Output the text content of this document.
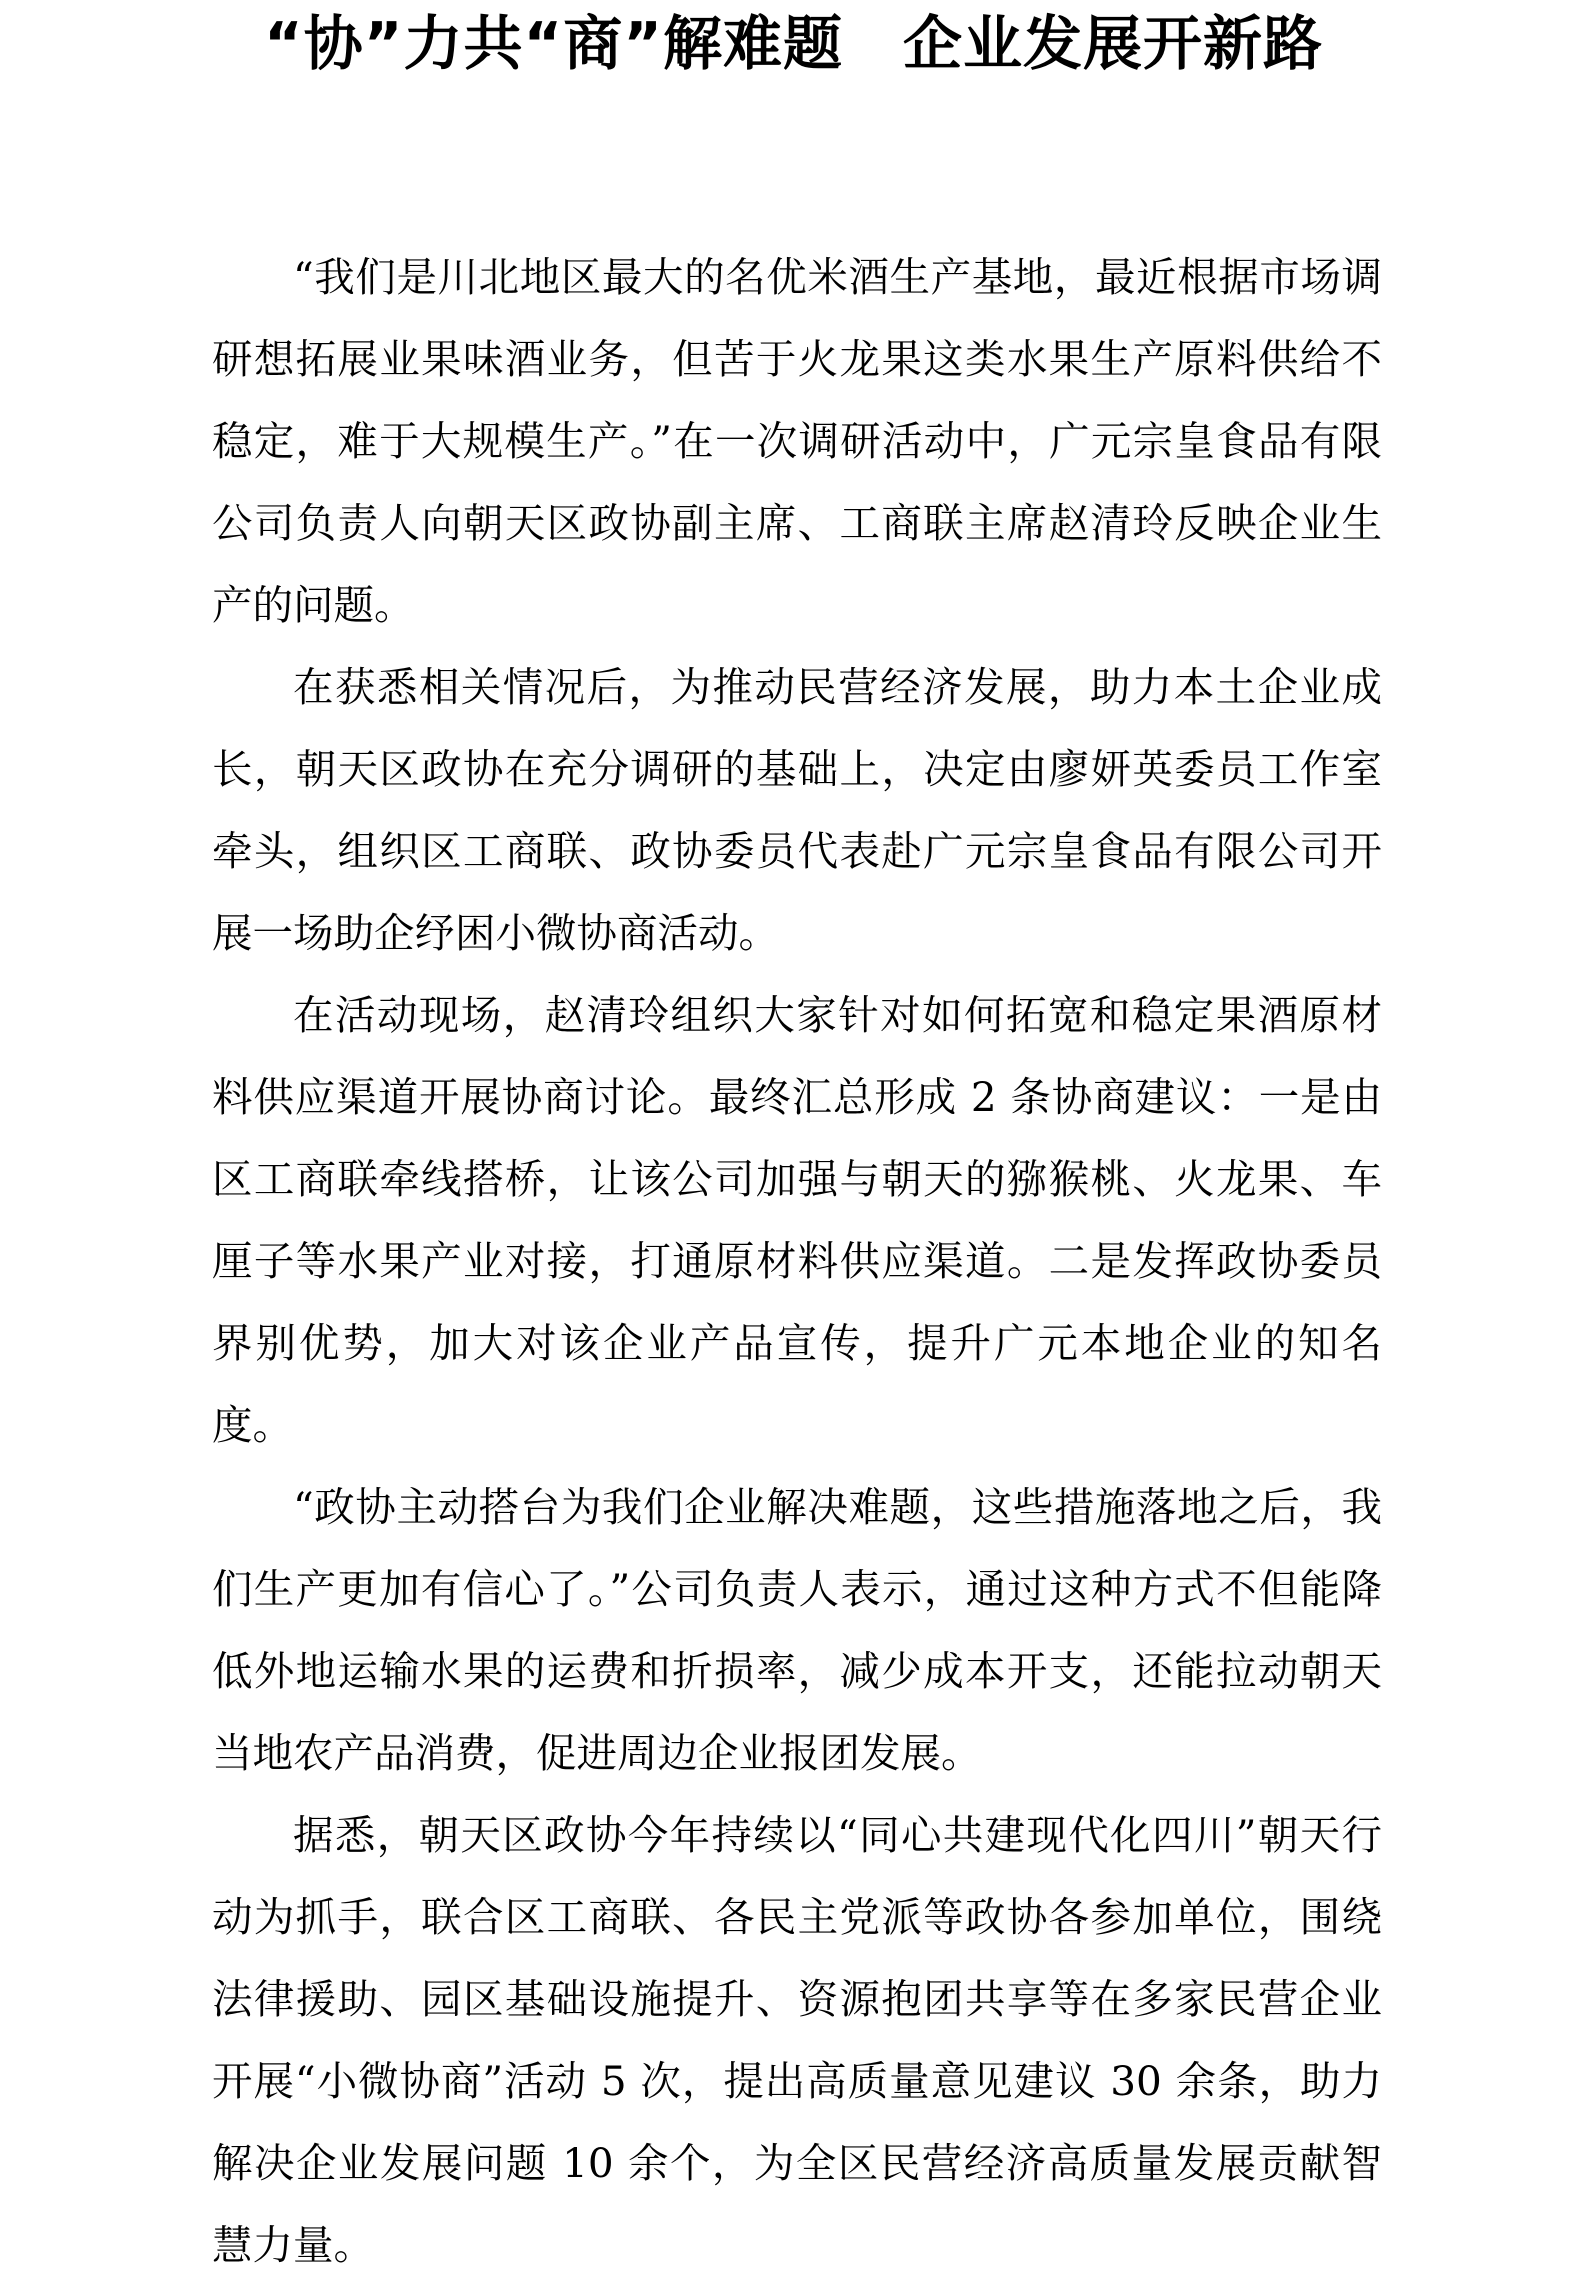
“协”力共“商”解难题　企业发展开新路

“我们是川北地区最大的名优米酒生产基地，最近根据市场调研想拓展业果味酒业务，但苦于火龙果这类水果生产原料供给不稳定，难于大规模生产。”在一次调研活动中，广元宗皇食品有限公司负责人向朝天区政协副主席、工商联主席赵清玲反映企业生产的问题。

在获悉相关情况后，为推动民营经济发展，助力本土企业成长，朝天区政协在充分调研的基础上，决定由廖妍英委员工作室牵头，组织区工商联、政协委员代表赴广元宗皇食品有限公司开展一场助企纾困小微协商活动。

在活动现场，赵清玲组织大家针对如何拓宽和稳定果酒原材料供应渠道开展协商讨论。最终汇总形成 2 条协商建议：一是由区工商联牵线搭桥，让该公司加强与朝天的猕猴桃、火龙果、车厘子等水果产业对接，打通原材料供应渠道。二是发挥政协委员界别优势，加大对该企业产品宣传，提升广元本地企业的知名度。

“政协主动搭台为我们企业解决难题，这些措施落地之后，我们生产更加有信心了。”公司负责人表示，通过这种方式不但能降低外地运输水果的运费和折损率，减少成本开支，还能拉动朝天当地农产品消费，促进周边企业报团发展。

据悉，朝天区政协今年持续以“同心共建现代化四川”朝天行动为抓手，联合区工商联、各民主党派等政协各参加单位，围绕法律援助、园区基础设施提升、资源抱团共享等在多家民营企业开展“小微协商”活动 5 次，提出高质量意见建议 30 余条，助力解决企业发展问题 10 余个，为全区民营经济高质量发展贡献智慧力量。
